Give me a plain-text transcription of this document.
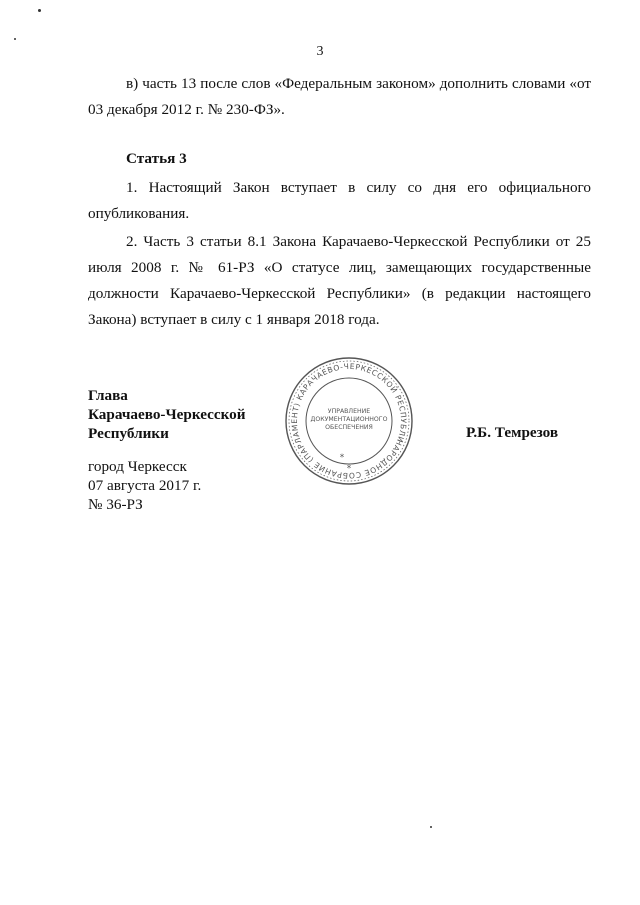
3

в) часть 13 после слов «Федеральным законом» дополнить словами «от 03 декабря 2012 г. № 230-ФЗ».

Статья 3

1. Настоящий Закон вступает в силу со дня его официального опубликования.

2. Часть 3 статьи 8.1 Закона Карачаево-Черкесской Республики от 25 июля 2008 г. № 61-РЗ «О статусе лиц, замещающих государственные должности Карачаево-Черкесской Республики» (в редакции настоящего Закона) вступает в силу с 1 января 2018 года.

Глава
Карачаево-Черкесской
Республики
НАРОДНОЕ СОБРАНИЕ (ПАРЛАМЕНТ) КАРАЧАЕВО-ЧЕРКЕССКОЙ РЕСПУБЛИКИ
УПРАВЛЕНИЕ
ДОКУМЕНТАЦИОННОГО
ОБЕСПЕЧЕНИЯ
*
*
Р.Б. Темрезов
город Черкесск
07 августа 2017 г.
№ 36-РЗ
